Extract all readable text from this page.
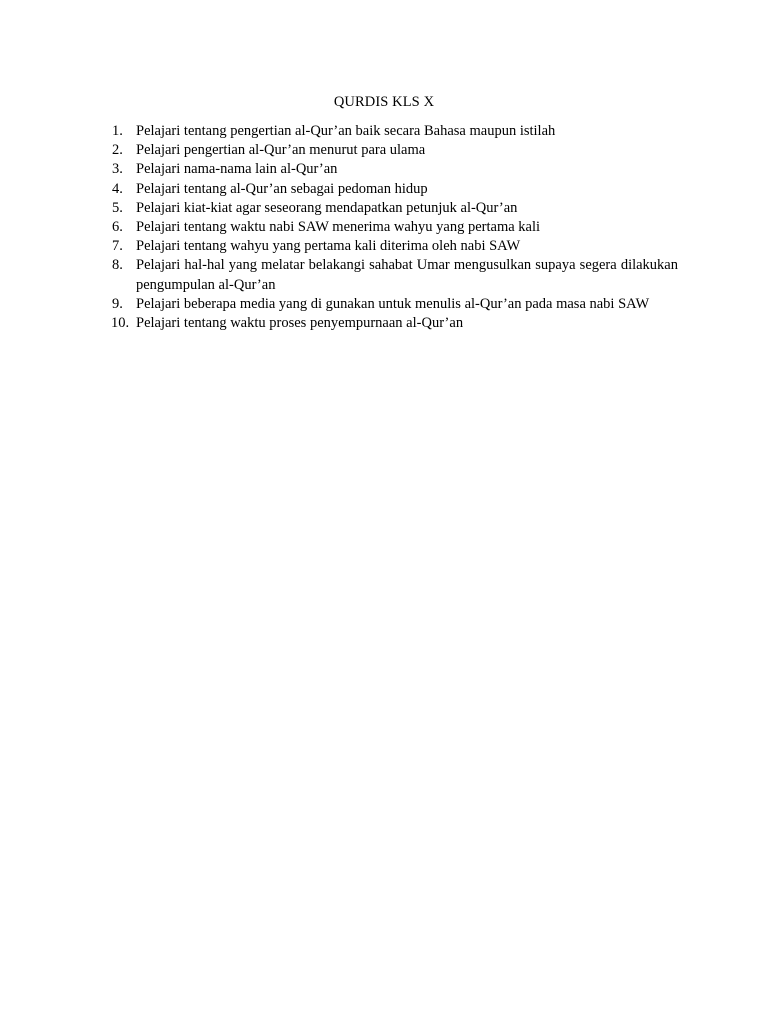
QURDIS KLS X
1. Pelajari tentang pengertian al-Qur’an baik secara Bahasa maupun istilah
2. Pelajari pengertian al-Qur’an menurut para ulama
3. Pelajari nama-nama lain al-Qur’an
4. Pelajari tentang al-Qur’an sebagai pedoman hidup
5. Pelajari kiat-kiat agar seseorang mendapatkan petunjuk al-Qur’an
6. Pelajari tentang waktu nabi SAW menerima wahyu yang pertama kali
7. Pelajari tentang wahyu yang pertama kali diterima oleh nabi SAW
8. Pelajari hal-hal yang melatar belakangi sahabat Umar mengusulkan supaya segera dilakukan pengumpulan al-Qur’an
9. Pelajari beberapa media yang di gunakan untuk menulis al-Qur’an pada masa nabi SAW
10. Pelajari tentang waktu proses penyempurnaan al-Qur’an
